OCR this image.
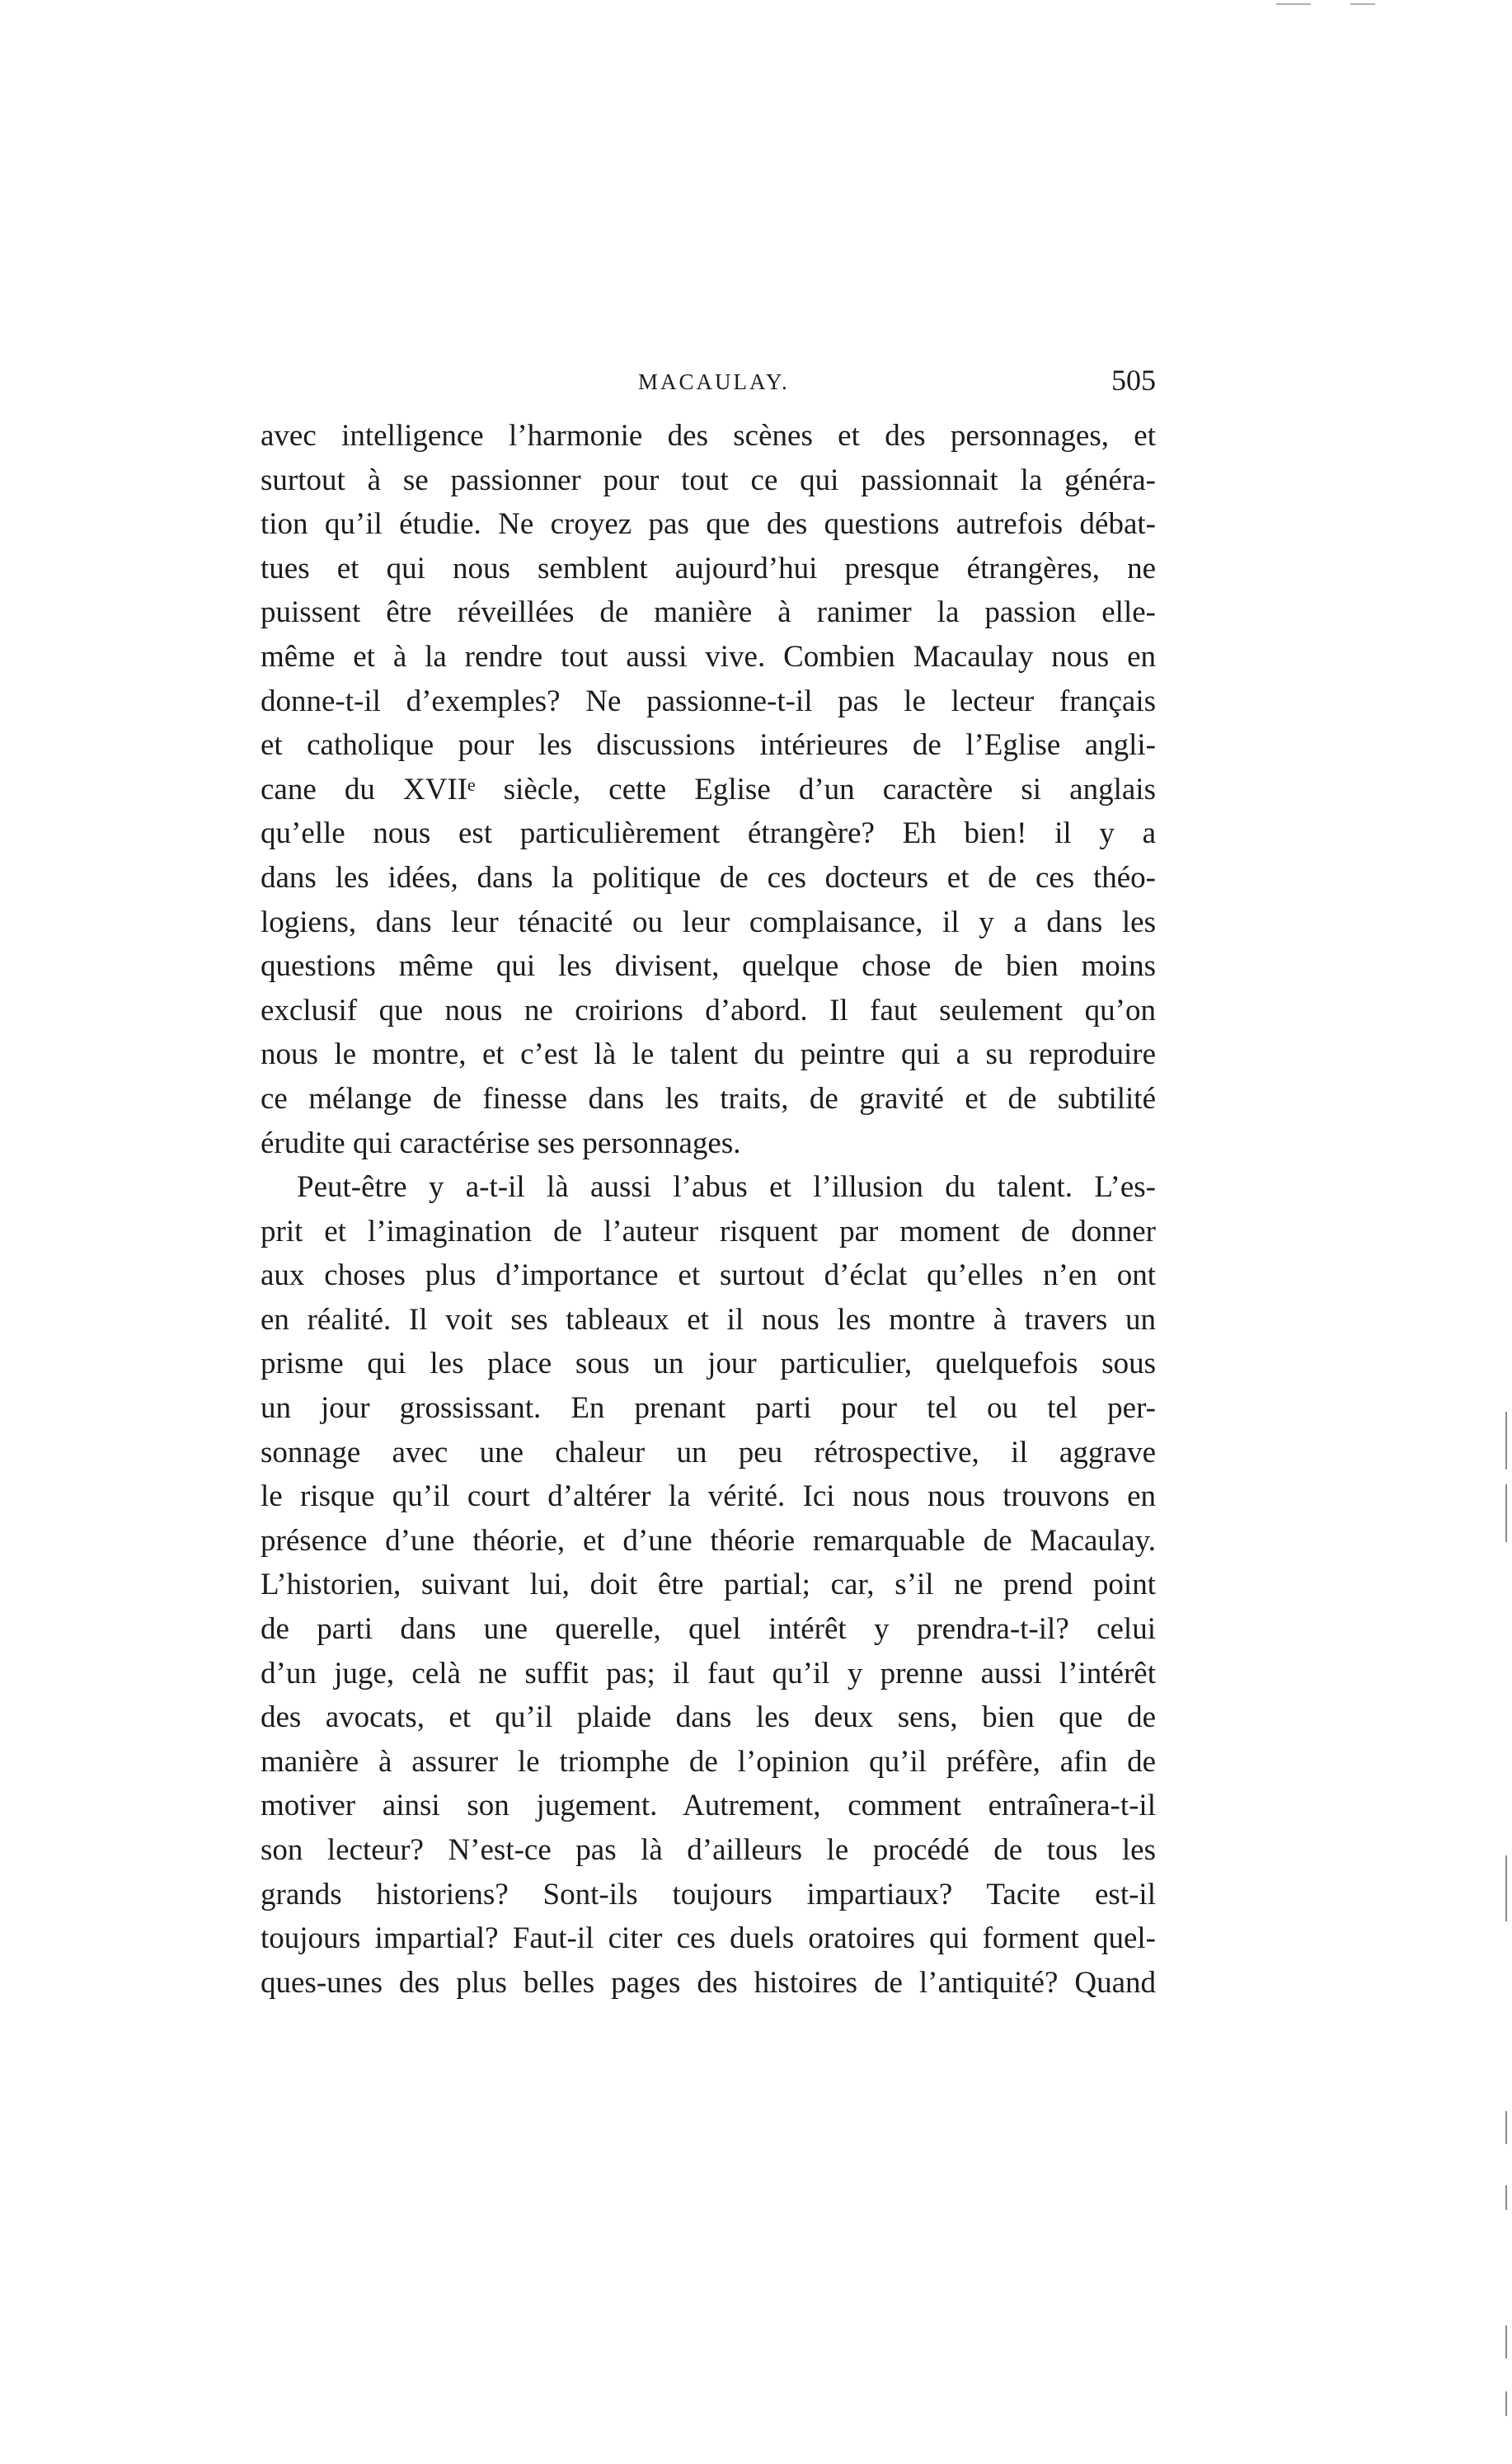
MACAULAY.	505
avec intelligence l’harmonie des scènes et des personnages, et
surtout à se passionner pour tout ce qui passionnait la généra-
tion qu’il étudie. Ne croyez pas que des questions autrefois débat-
tues et qui nous semblent aujourd’hui presque étrangères, ne
puissent être réveillées de manière à ranimer la passion elle-
même et à la rendre tout aussi vive. Combien Macaulay nous en
donne-t-il d’exemples? Ne passionne-t-il pas le lecteur français
et catholique pour les discussions intérieures de l’Eglise angli-
cane du XVIIᵉ siècle, cette Eglise d’un caractère si anglais
qu’elle nous est particulièrement étrangère? Eh bien! il y a
dans les idées, dans la politique de ces docteurs et de ces théo-
logiens, dans leur ténacité ou leur complaisance, il y a dans les
questions même qui les divisent, quelque chose de bien moins
exclusif que nous ne croirions d’abord. Il faut seulement qu’on
nous le montre, et c’est là le talent du peintre qui a su reproduire
ce mélange de finesse dans les traits, de gravité et de subtilité
érudite qui caractérise ses personnages.
Peut-être y a-t-il là aussi l’abus et l’illusion du talent. L’es-
prit et l’imagination de l’auteur risquent par moment de donner
aux choses plus d’importance et surtout d’éclat qu’elles n’en ont
en réalité. Il voit ses tableaux et il nous les montre à travers un
prisme qui les place sous un jour particulier, quelquefois sous
un jour grossissant. En prenant parti pour tel ou tel per-
sonnage avec une chaleur un peu rétrospective, il aggrave
le risque qu’il court d’altérer la vérité. Ici nous nous trouvons en
présence d’une théorie, et d’une théorie remarquable de Macaulay.
L’historien, suivant lui, doit être partial; car, s’il ne prend point
de parti dans une querelle, quel intérêt y prendra-t-il? celui
d’un juge, celà ne suffit pas; il faut qu’il y prenne aussi l’intérêt
des avocats, et qu’il plaide dans les deux sens, bien que de
manière à assurer le triomphe de l’opinion qu’il préfère, afin de
motiver ainsi son jugement. Autrement, comment entraînera-t-il
son lecteur? N’est-ce pas là d’ailleurs le procédé de tous les
grands historiens? Sont-ils toujours impartiaux? Tacite est-il
toujours impartial? Faut-il citer ces duels oratoires qui forment quel-
ques-unes des plus belles pages des histoires de l’antiquité? Quand
